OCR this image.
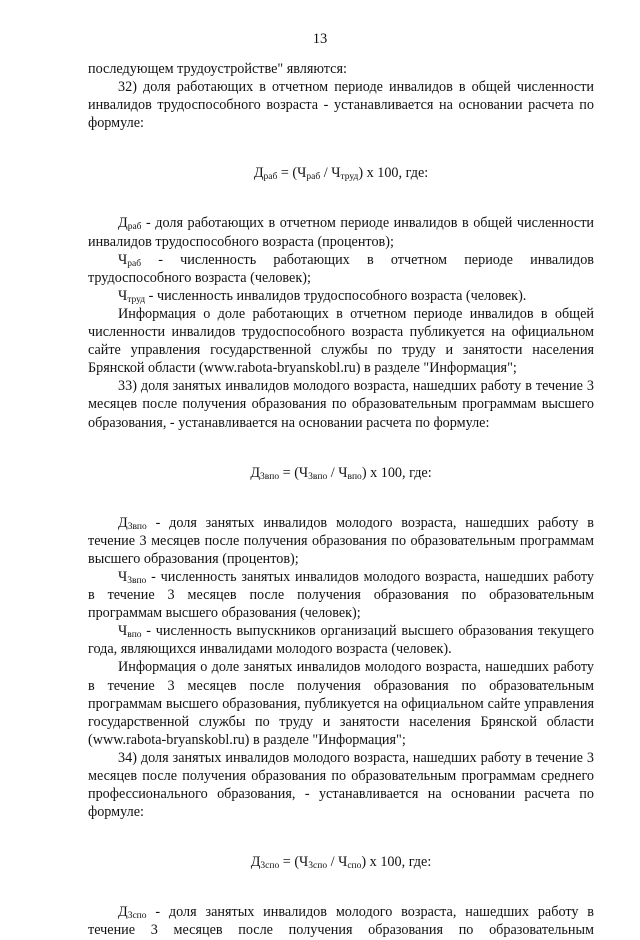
13

последующем трудоустройстве" являются:

32) доля работающих в отчетном периоде инвалидов в общей численности инвалидов трудоспособного возраста - устанавливается на основании расчета по формуле:

$Д_{раб} = (Ч_{раб} / Ч_{труд})$ х 100, где:

$Д_{раб}$ - доля работающих в отчетном периоде инвалидов в общей численности инвалидов трудоспособного возраста (процентов);

$Ч_{раб}$ - численность работающих в отчетном периоде инвалидов трудоспособного возраста (человек);

$Ч_{труд}$ - численность инвалидов трудоспособного возраста (человек).

Информация о доле работающих в отчетном периоде инвалидов в общей численности инвалидов трудоспособного возраста публикуется на официальном сайте управления государственной службы по труду и занятости населения Брянской области (www.rabota-bryanskobl.ru) в разделе "Информация";

33) доля занятых инвалидов молодого возраста, нашедших работу в течение 3 месяцев после получения образования по образовательным программам высшего образования, - устанавливается на основании расчета по формуле:

$Д_{3впо} = (Ч_{3впо} / Ч_{впо})$ х 100, где:

$Д_{3впо}$ - доля занятых инвалидов молодого возраста, нашедших работу в течение 3 месяцев после получения образования по образовательным программам высшего образования (процентов);

$Ч_{3впо}$ - численность занятых инвалидов молодого возраста, нашедших работу в течение 3 месяцев после получения образования по образовательным программам высшего образования (человек);

$Ч_{впо}$ - численность выпускников организаций высшего образования текущего года, являющихся инвалидами молодого возраста (человек).

Информация о доле занятых инвалидов молодого возраста, нашедших работу в течение 3 месяцев после получения образования по образовательным программам высшего образования, публикуется на официальном сайте управления государственной службы по труду и занятости населения Брянской области (www.rabota-bryanskobl.ru) в разделе "Информация";

34) доля занятых инвалидов молодого возраста, нашедших работу в течение 3 месяцев после получения образования по образовательным программам среднего профессионального образования, - устанавливается на основании расчета по формуле:

$Д_{3спо} = (Ч_{3спо} / Ч_{спо})$ х 100, где:

$Д_{3спо}$ - доля занятых инвалидов молодого возраста, нашедших работу в течение 3 месяцев после получения образования по образовательным
